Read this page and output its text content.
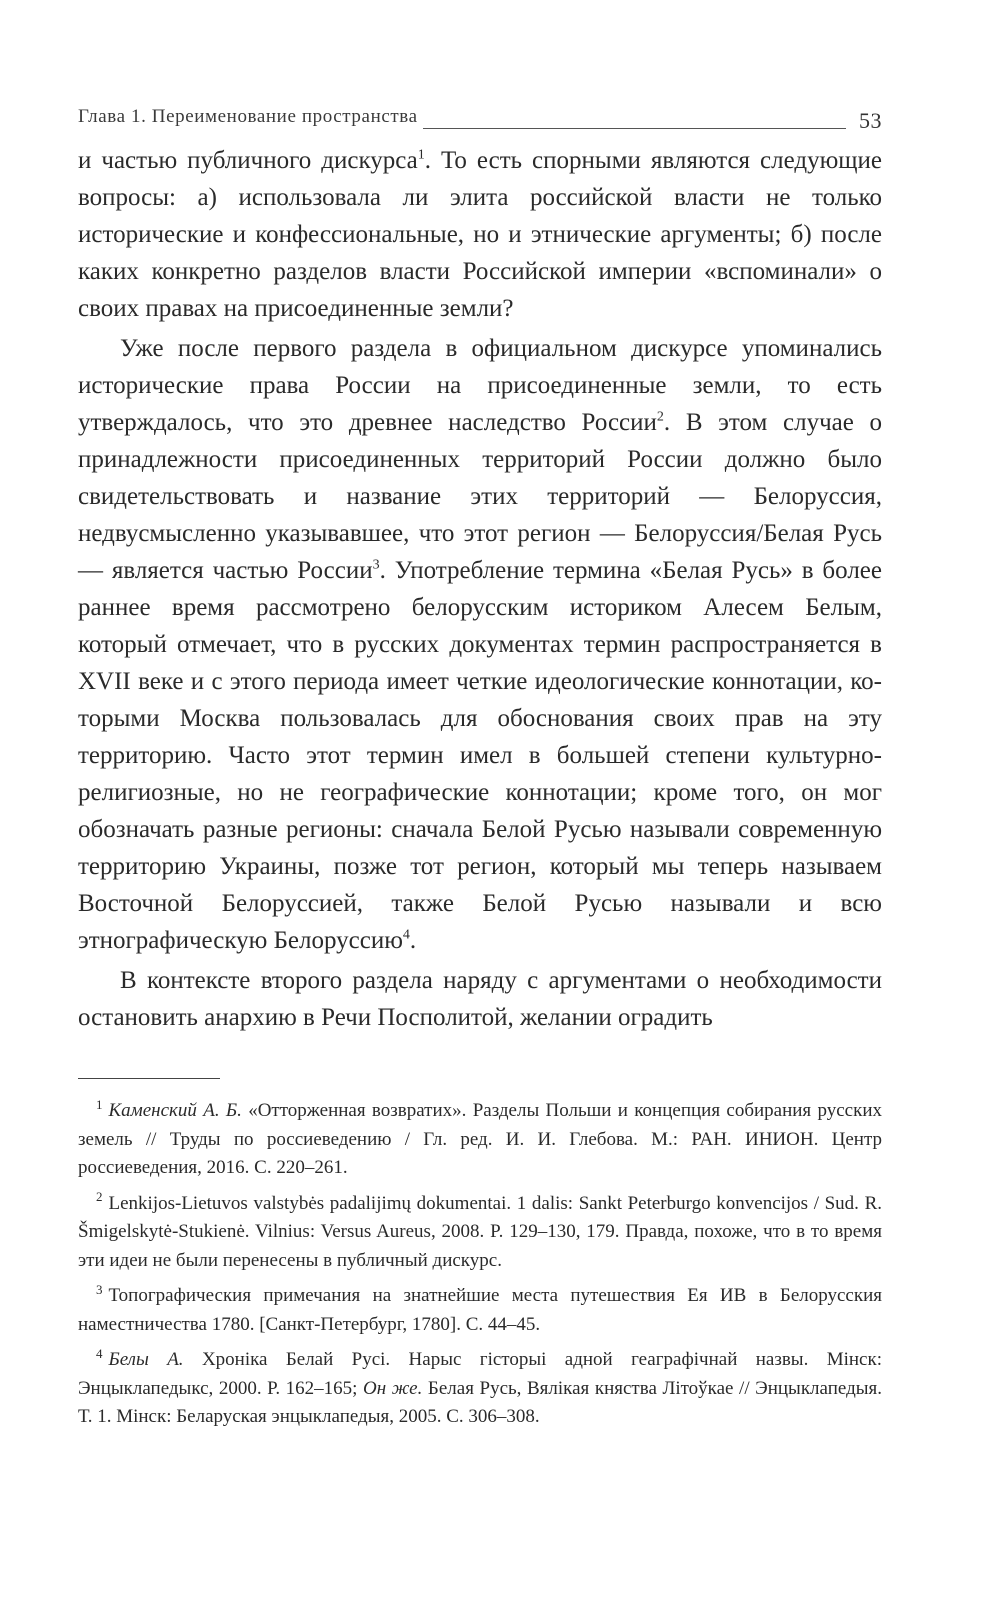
Глава 1. Переименование пространства	53

и частью публичного дискурса$^1$. То есть спорными являются следующие вопросы: а) использовала ли элита российской власти не только исторические и конфессиональные, но и этнические аргументы; б) после каких конкретно разделов власти Российской империи «вспоминали» о своих правах на присоединенные земли?

Уже после первого раздела в официальном дискурсе упоминались исторические права России на присоединенные земли, то есть утверждалось, что это древнее наследство России$^2$. В этом случае о принадлежности присоединенных территорий России должно было свидетельствовать и название этих территорий — Белоруссия, недвусмысленно указывавшее, что этот регион — Белоруссия/Белая Русь — является частью России$^3$. Употребление термина «Белая Русь» в более раннее время рассмотрено белорусским историком Алесем Белым, который отмечает, что в русских документах термин распространяется в XVII веке и с этого периода имеет четкие идеологические коннотации, которыми Москва пользовалась для обоснования своих прав на эту территорию. Часто этот термин имел в большей степени культурно-религиозные, но не географические коннотации; кроме того, он мог обозначать разные регионы: сначала Белой Русью называли современную территорию Украины, позже тот регион, который мы теперь называем Восточной Белоруссией, также Белой Русью называли и всю этнографическую Белоруссию$^4$.

В контексте второго раздела наряду с аргументами о необходимости остановить анархию в Речи Посполитой, желании оградить

$^1$ Каменский А. Б. «Отторженная возвратих». Разделы Польши и концепция собирания русских земель // Труды по россиеведению / Гл. ред. И. И. Глебова. М.: РАН. ИНИОН. Центр россиеведения, 2016. С. 220–261.

$^2$ Lenkijos-Lietuvos valstybės padalijimų dokumentai. 1 dalis: Sankt Peterburgo konvencijos / Sud. R. Šmigelskytė-Stukienė. Vilnius: Versus Aureus, 2008. P. 129–130, 179. Правда, похоже, что в то время эти идеи не были перенесены в публичный дискурс.

$^3$ Топографическия примечания на знатнейшие места путешествия Ея ИВ в Белорусския наместничества 1780. [Санкт-Петербург, 1780]. С. 44–45.

$^4$ Белы А. Хроніка Белай Русі. Нарыс гісторыі адной геаграфічнай назвы. Мінск: Энцыклапедыкс, 2000. Р. 162–165; Он же. Белая Русь, Вялікая княства Літоўкае // Энцыклапедыя. Т. 1. Мінск: Беларуская энцыклапедыя, 2005. С. 306–308.
